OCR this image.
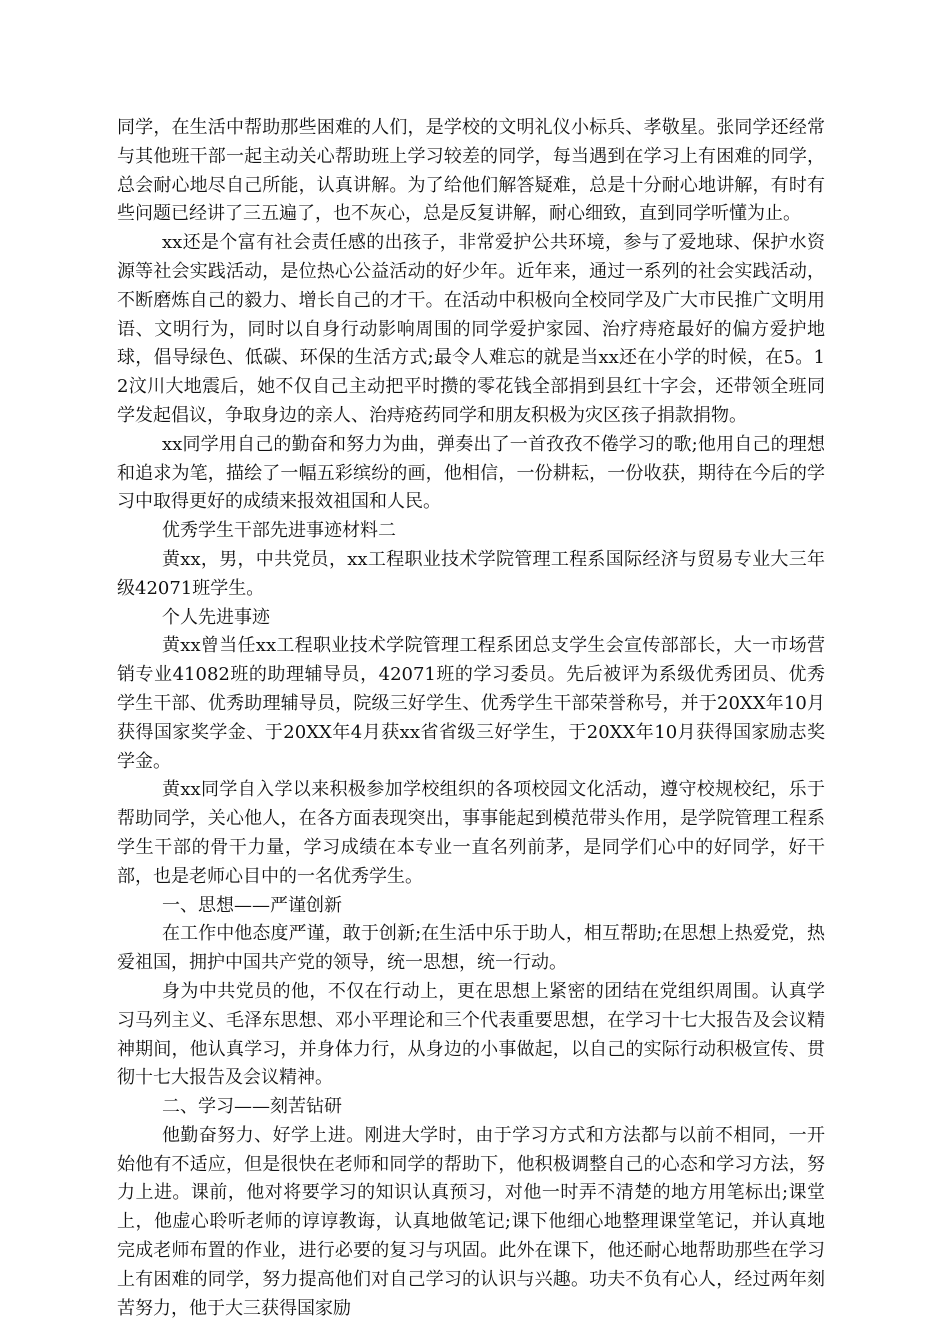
同学，在生活中帮助那些困难的人们，是学校的文明礼仪小标兵、孝敬星。张同学还经常与其他班干部一起主动关心帮助班上学习较差的同学，每当遇到在学习上有困难的同学，总会耐心地尽自己所能，认真讲解。为了给他们解答疑难，总是十分耐心地讲解，有时有些问题已经讲了三五遍了，也不灰心，总是反复讲解，耐心细致，直到同学听懂为止。

xx还是个富有社会责任感的出孩子，非常爱护公共环境，参与了爱地球、保护水资源等社会实践活动，是位热心公益活动的好少年。近年来，通过一系列的社会实践活动，不断磨炼自己的毅力、增长自己的才干。在活动中积极向全校同学及广大市民推广文明用语、文明行为，同时以自身行动影响周围的同学爱护家园、治疗痔疮最好的偏方爱护地球，倡导绿色、低碳、环保的生活方式;最令人难忘的就是当xx还在小学的时候，在5。12汶川大地震后，她不仅自己主动把平时攒的零花钱全部捐到县红十字会，还带领全班同学发起倡议，争取身边的亲人、治痔疮药同学和朋友积极为灾区孩子捐款捐物。

xx同学用自己的勤奋和努力为曲，弹奏出了一首孜孜不倦学习的歌;他用自己的理想和追求为笔，描绘了一幅五彩缤纷的画，他相信，一份耕耘，一份收获，期待在今后的学习中取得更好的成绩来报效祖国和人民。

优秀学生干部先进事迹材料二

黄xx，男，中共党员，xx工程职业技术学院管理工程系国际经济与贸易专业大三年级42071班学生。

个人先进事迹

黄xx曾当任xx工程职业技术学院管理工程系团总支学生会宣传部部长，大一市场营销专业41082班的助理辅导员，42071班的学习委员。先后被评为系级优秀团员、优秀学生干部、优秀助理辅导员，院级三好学生、优秀学生干部荣誉称号，并于20XX年10月获得国家奖学金、于20XX年4月获xx省省级三好学生，于20XX年10月获得国家励志奖学金。

黄xx同学自入学以来积极参加学校组织的各项校园文化活动，遵守校规校纪，乐于帮助同学，关心他人，在各方面表现突出，事事能起到模范带头作用，是学院管理工程系学生干部的骨干力量，学习成绩在本专业一直名列前茅，是同学们心中的好同学，好干部，也是老师心目中的一名优秀学生。

一、思想——严谨创新

在工作中他态度严谨，敢于创新;在生活中乐于助人，相互帮助;在思想上热爱党，热爱祖国，拥护中国共产党的领导，统一思想，统一行动。

身为中共党员的他，不仅在行动上，更在思想上紧密的团结在党组织周围。认真学习马列主义、毛泽东思想、邓小平理论和三个代表重要思想，在学习十七大报告及会议精神期间，他认真学习，并身体力行，从身边的小事做起，以自己的实际行动积极宣传、贯彻十七大报告及会议精神。

二、学习——刻苦钻研

他勤奋努力、好学上进。刚进大学时，由于学习方式和方法都与以前不相同，一开始他有不适应，但是很快在老师和同学的帮助下，他积极调整自己的心态和学习方法，努力上进。课前，他对将要学习的知识认真预习，对他一时弄不清楚的地方用笔标出;课堂上，他虚心聆听老师的谆谆教诲，认真地做笔记;课下他细心地整理课堂笔记，并认真地完成老师布置的作业，进行必要的复习与巩固。此外在课下，他还耐心地帮助那些在学习上有困难的同学，努力提高他们对自己学习的认识与兴趣。功夫不负有心人，经过两年刻苦努力，他于大三获得国家励
